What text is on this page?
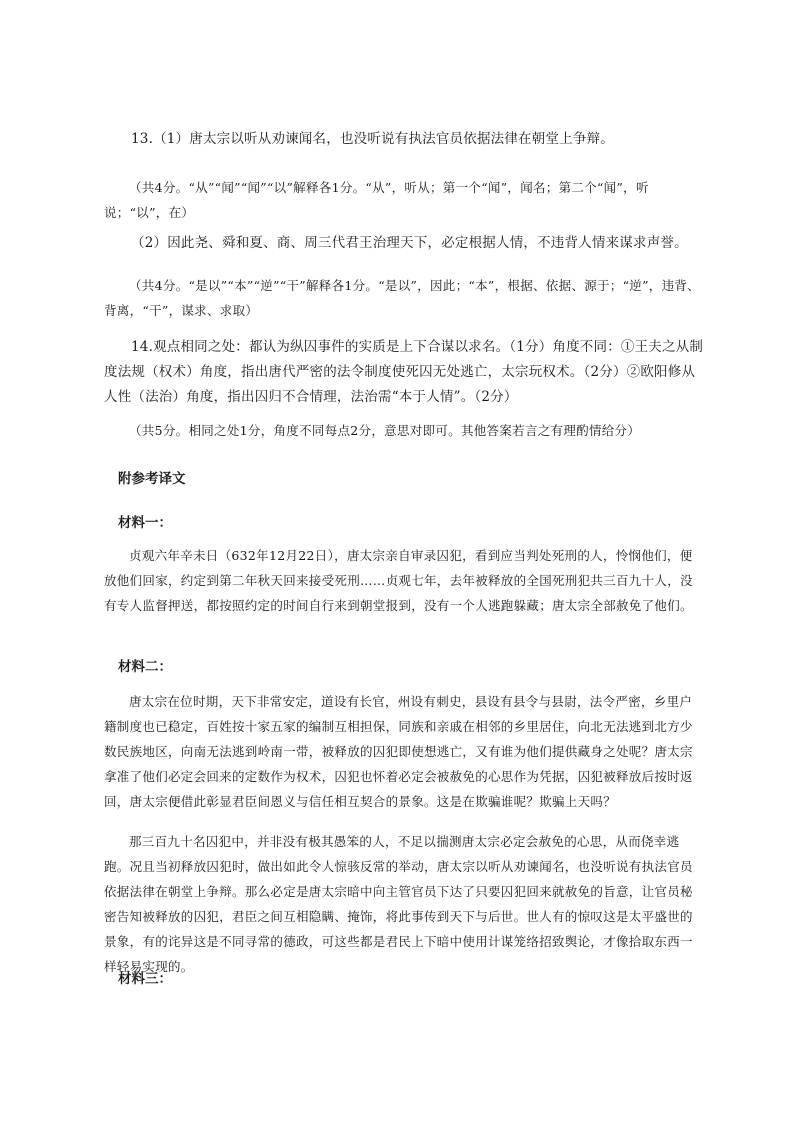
13.（1）唐太宗以听从劝谏闻名，也没听说有执法官员依据法律在朝堂上争辩。

（共4分。“从”“闻”“闻”“以”解释各1分。“从”，听从；第一个“闻”，闻名；第二个“闻”，听说；“以”，在）

（2）因此尧、舜和夏、商、周三代君王治理天下，必定根据人情，不违背人情来谋求声誉。

（共4分。“是以”“本”“逆”“干”解释各1分。“是以”，因此；“本”，根据、依据、源于；“逆”，违背、背离，“干”，谋求、求取）

14.观点相同之处：都认为纵囚事件的实质是上下合谋以求名。（1分）角度不同：①王夫之从制度法规（权术）角度，指出唐代严密的法令制度使死囚无处逃亡，太宗玩权术。（2分）②欧阳修从人性（法治）角度，指出囚归不合情理，法治需“本于人情”。（2分）

（共5分。相同之处1分，角度不同每点2分，意思对即可。其他答案若言之有理酌情给分）

附参考译文
材料一：

贞观六年辛未日（632年12月22日），唐太宗亲自审录囚犯，看到应当判处死刑的人，怜悯他们，便放他们回家，约定到第二年秋天回来接受死刑……贞观七年，去年被释放的全国死刑犯共三百九十人，没有专人监督押送，都按照约定的时间自行来到朝堂报到，没有一个人逃跑躲藏；唐太宗全部赦免了他们。

材料二：

唐太宗在位时期，天下非常安定，道设有长官，州设有刺史，县设有县令与县尉，法令严密，乡里户籍制度也已稳定，百姓按十家五家的编制互相担保，同族和亲戚在相邻的乡里居住，向北无法逃到北方少数民族地区，向南无法逃到岭南一带，被释放的囚犯即使想逃亡，又有谁为他们提供藏身之处呢？唐太宗拿准了他们必定会回来的定数作为权术，囚犯也怀着必定会被赦免的心思作为凭据，囚犯被释放后按时返回，唐太宗便借此彰显君臣间恩义与信任相互契合的景象。这是在欺骗谁呢？欺骗上天吗？

那三百九十名囚犯中，并非没有极其愚笨的人，不足以揣测唐太宗必定会赦免的心思，从而侥幸逃跑。况且当初释放囚犯时，做出如此令人惊骇反常的举动，唐太宗以听从劝谏闻名，也没听说有执法官员依据法律在朝堂上争辩。那么必定是唐太宗暗中向主管官员下达了只要囚犯回来就赦免的旨意，让官员秘密告知被释放的囚犯，君臣之间互相隐瞒、掩饰，将此事传到天下与后世。世人有的惊叹这是太平盛世的景象，有的诧异这是不同寻常的德政，可这些都是君民上下暗中使用计谋笼络招致舆论，才像拾取东西一样轻易实现的。

材料三：
